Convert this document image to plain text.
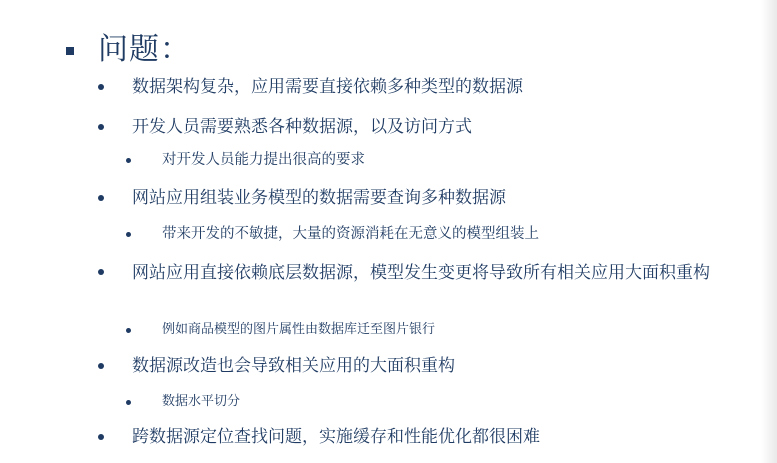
问题：
数据架构复杂，应用需要直接依赖多种类型的数据源
开发人员需要熟悉各种数据源，以及访问方式
对开发人员能力提出很高的要求
网站应用组装业务模型的数据需要查询多种数据源
带来开发的不敏捷，大量的资源消耗在无意义的模型组装上
网站应用直接依赖底层数据源，模型发生变更将导致所有相关应用大面积重构
例如商品模型的图片属性由数据库迁至图片银行
数据源改造也会导致相关应用的大面积重构
数据水平切分
跨数据源定位查找问题，实施缓存和性能优化都很困难
